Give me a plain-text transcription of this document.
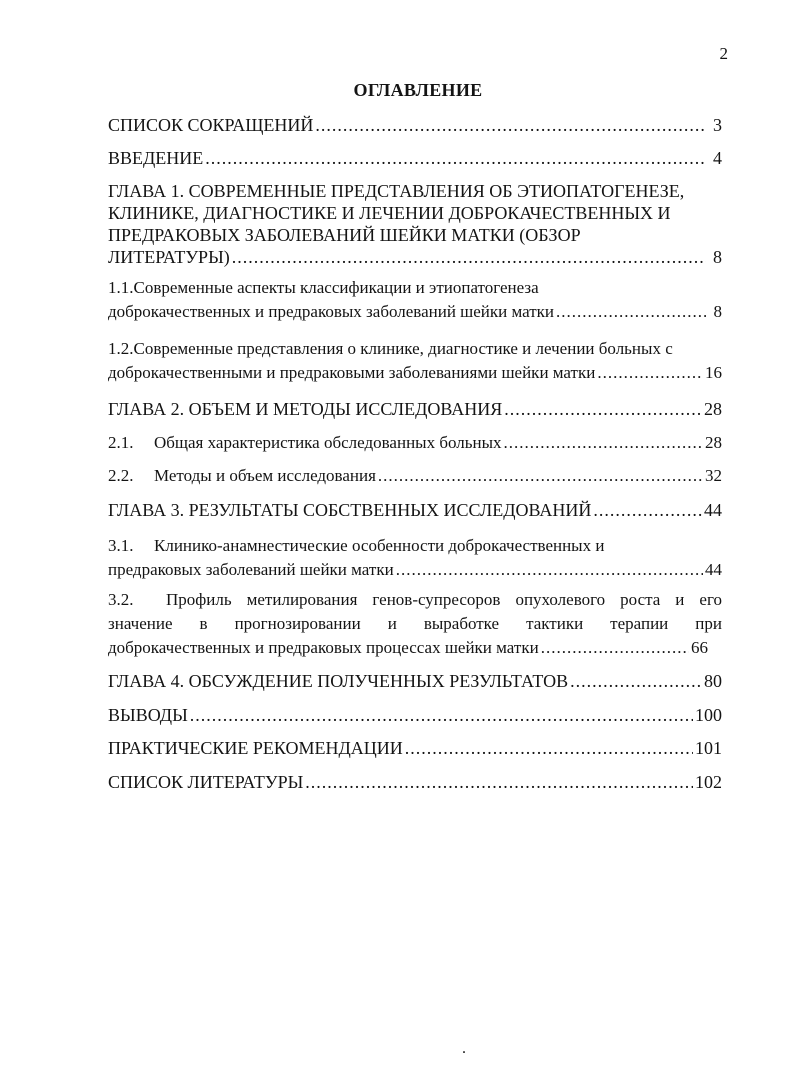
2
ОГЛАВЛЕНИЕ
СПИСОК СОКРАЩЕНИЙ .....	3
ВВЕДЕНИЕ .....	4
ГЛАВА 1. СОВРЕМЕННЫЕ ПРЕДСТАВЛЕНИЯ ОБ ЭТИОПАТОГЕНЕЗЕ,
КЛИНИКЕ, ДИАГНОСТИКЕ И ЛЕЧЕНИИ ДОБРОКАЧЕСТВЕННЫХ И
ПРЕДРАКОВЫХ ЗАБОЛЕВАНИЙ ШЕЙКИ МАТКИ (ОБЗОР
ЛИТЕРАТУРЫ) .....	8
1.1.Современные аспекты классификации и этиопатогенеза
доброкачественных и предраковых заболеваний шейки матки .....	8
1.2.Современные представления о клинике, диагностике и лечении больных с
доброкачественными и предраковыми заболеваниями шейки матки .....	16
ГЛАВА 2. ОБЪЕМ И МЕТОДЫ ИССЛЕДОВАНИЯ .....	28
2.1.	Общая характеристика обследованных больных .....	28
2.2.	Методы и объем исследования .....	32
ГЛАВА 3. РЕЗУЛЬТАТЫ СОБСТВЕННЫХ ИССЛЕДОВАНИЙ .....	44
3.1.	Клинико-анамнестические особенности доброкачественных и
предраковых заболеваний шейки матки .....	44
3.2.	Профиль метилирования генов-супресоров опухолевого роста и его
значение в прогнозировании и выработке тактики терапии при
доброкачественных и предраковых процессах шейки матки .....	66
ГЛАВА 4. ОБСУЖДЕНИЕ ПОЛУЧЕННЫХ РЕЗУЛЬТАТОВ .....	80
ВЫВОДЫ .....	100
ПРАКТИЧЕСКИЕ РЕКОМЕНДАЦИИ .....	101
СПИСОК ЛИТЕРАТУРЫ .....	102
.
